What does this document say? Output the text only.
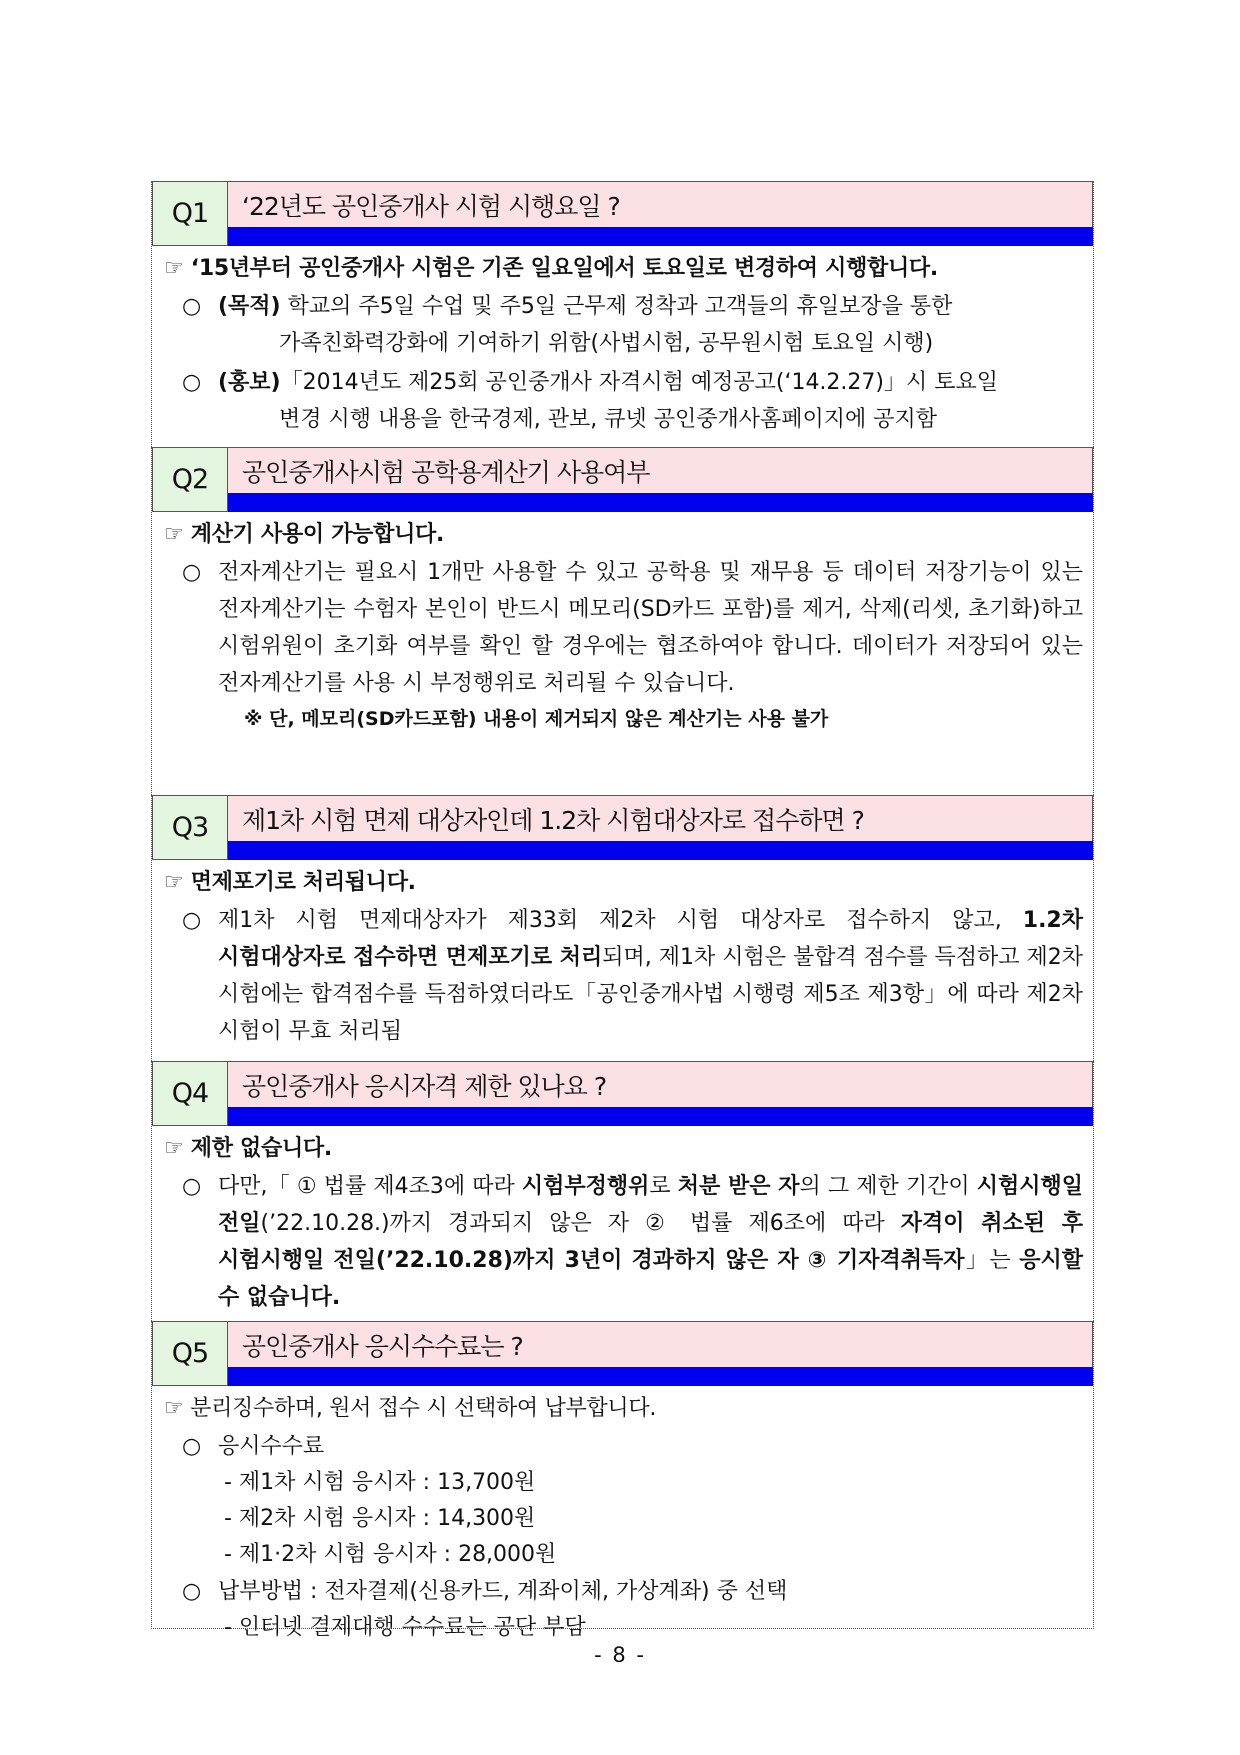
Q1	‘22년도 공인중개사 시험 시행요일 ?
☞ ‘15년부터 공인중개사 시험은 기존 일요일에서 토요일로 변경하여 시행합니다.
○ (목적) 학교의 주5일 수업 및 주5일 근무제 정착과 고객들의 휴일보장을 통한
가족친화력강화에 기여하기 위함(사법시험, 공무원시험 토요일 시행)
○ (홍보)「2014년도 제25회 공인중개사 자격시험 예정공고(‘14.2.27)」시 토요일
변경 시행 내용을 한국경제, 관보, 큐넷 공인중개사홈페이지에 공지함
Q2	공인중개사시험 공학용계산기 사용여부
☞ 계산기 사용이 가능합니다.
○ 전자계산기는 필요시 1개만 사용할 수 있고 공학용 및 재무용 등 데이터 저장기능이 있는 전자계산기는 수험자 본인이 반드시 메모리(SD카드 포함)를 제거, 삭제(리셋, 초기화)하고 시험위원이 초기화 여부를 확인 할 경우에는 협조하여야 합니다. 데이터가 저장되어 있는 전자계산기를 사용 시 부정행위로 처리될 수 있습니다.
※ 단, 메모리(SD카드포함) 내용이 제거되지 않은 계산기는 사용 불가
Q3	제1차 시험 면제 대상자인데 1.2차 시험대상자로 접수하면 ?
☞ 면제포기로 처리됩니다.
○ 제1차 시험 면제대상자가 제33회 제2차 시험 대상자로 접수하지 않고, 1.2차 시험대상자로 접수하면 면제포기로 처리되며, 제1차 시험은 불합격 점수를 득점하고 제2차 시험에는 합격점수를 득점하였더라도「공인중개사법 시행령 제5조 제3항」에 따라 제2차 시험이 무효 처리됨
Q4	공인중개사 응시자격 제한 있나요 ?
☞ 제한 없습니다.
○ 다만,「 ① 법률 제4조3에 따라 시험부정행위로 처분 받은 자의 그 제한 기간이 시험시행일 전일(’22.10.28.)까지 경과되지 않은 자 ② 법률 제6조에 따라 자격이 취소된 후 시험시행일 전일(’22.10.28)까지 3년이 경과하지 않은 자 ③ 기자격취득자」는 응시할 수 없습니다.
Q5	공인중개사 응시수수료는 ?
☞ 분리징수하며, 원서 접수 시 선택하여 납부합니다.
○ 응시수수료
- 제1차 시험 응시자 : 13,700원
- 제2차 시험 응시자 : 14,300원
- 제1·2차 시험 응시자 : 28,000원
○ 납부방법 : 전자결제(신용카드, 계좌이체, 가상계좌) 중 선택
- 인터넷 결제대행 수수료는 공단 부담
- 8 -
